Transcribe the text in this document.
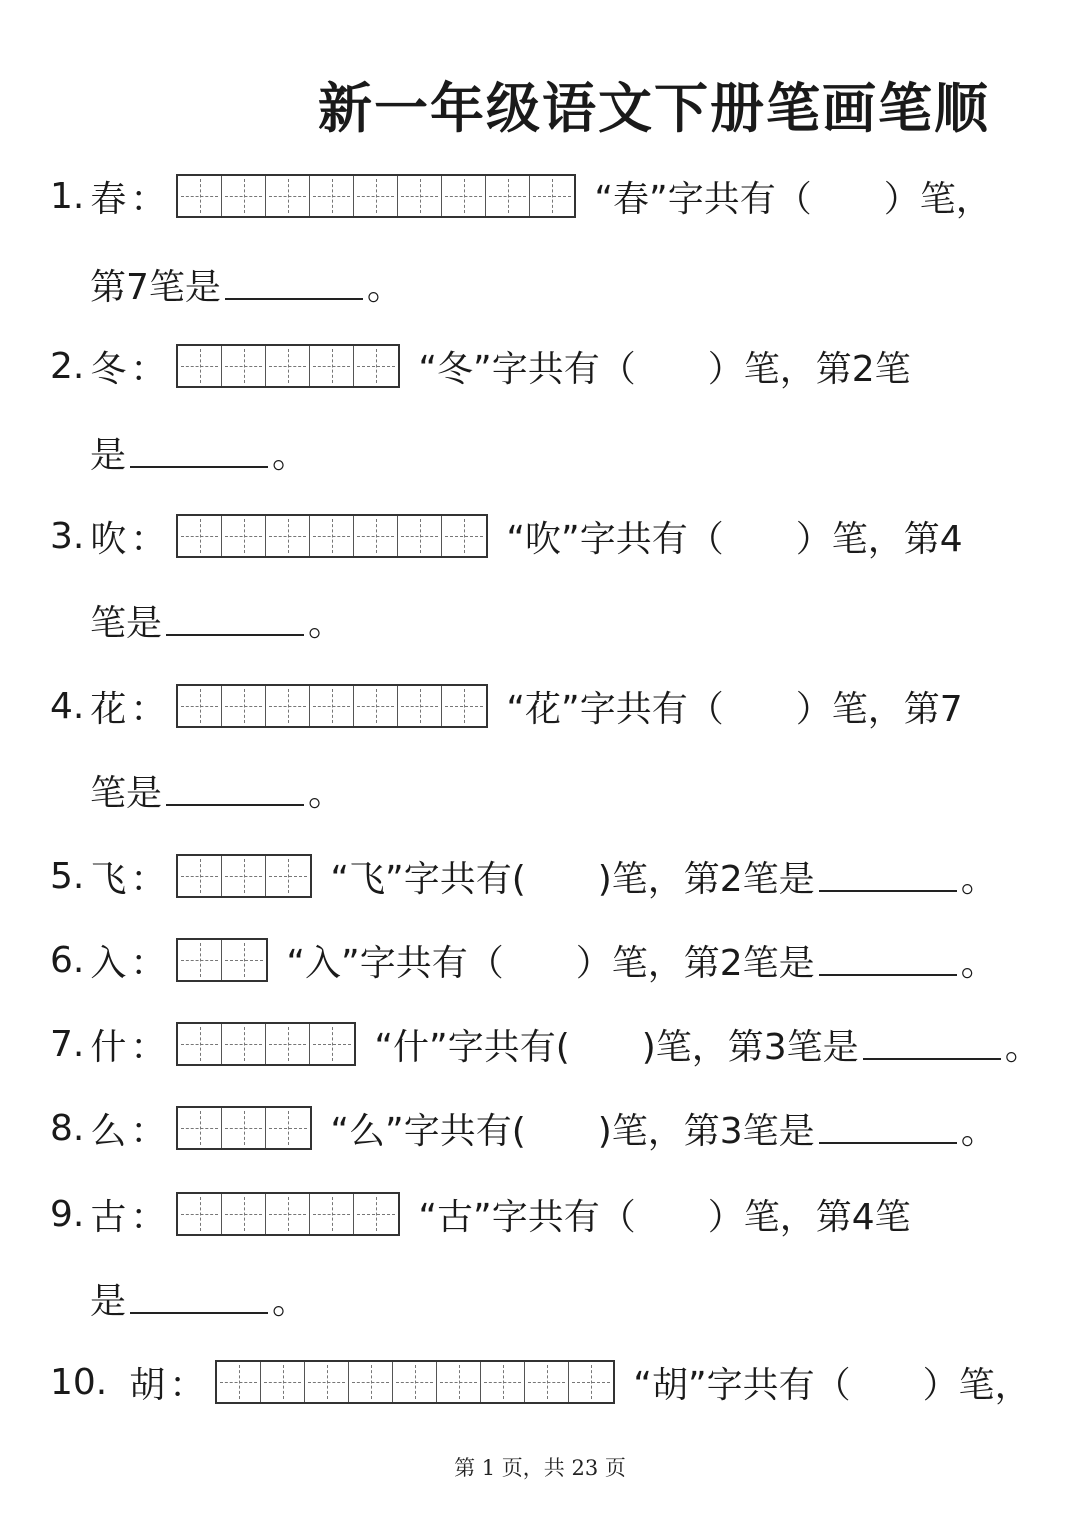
新一年级语文下册笔画笔顺
1. 春 ：	“春”字共有（　　）笔，
第7笔是	。
2. 冬 ：	“冬”字共有（　　）笔，第2笔
是	。
3. 吹 ：	“吹”字共有（　　）笔，第4
笔是	。
4. 花 ：	“花”字共有（　　）笔，第7
笔是	。
5. 飞 ：	“飞”字共有(　　)笔，第2笔是	。
6. 入 ：	“入”字共有（　　）笔，第2笔是	。
7. 什 ：	“什”字共有(　　)笔，第3笔是	。
8. 么 ：	“么”字共有(　　)笔，第3笔是	。
9. 古 ：	“古”字共有（　　）笔，第4笔
是	。
10. 胡 ：	“胡”字共有（　　）笔，
第 1 页，共 23 页
